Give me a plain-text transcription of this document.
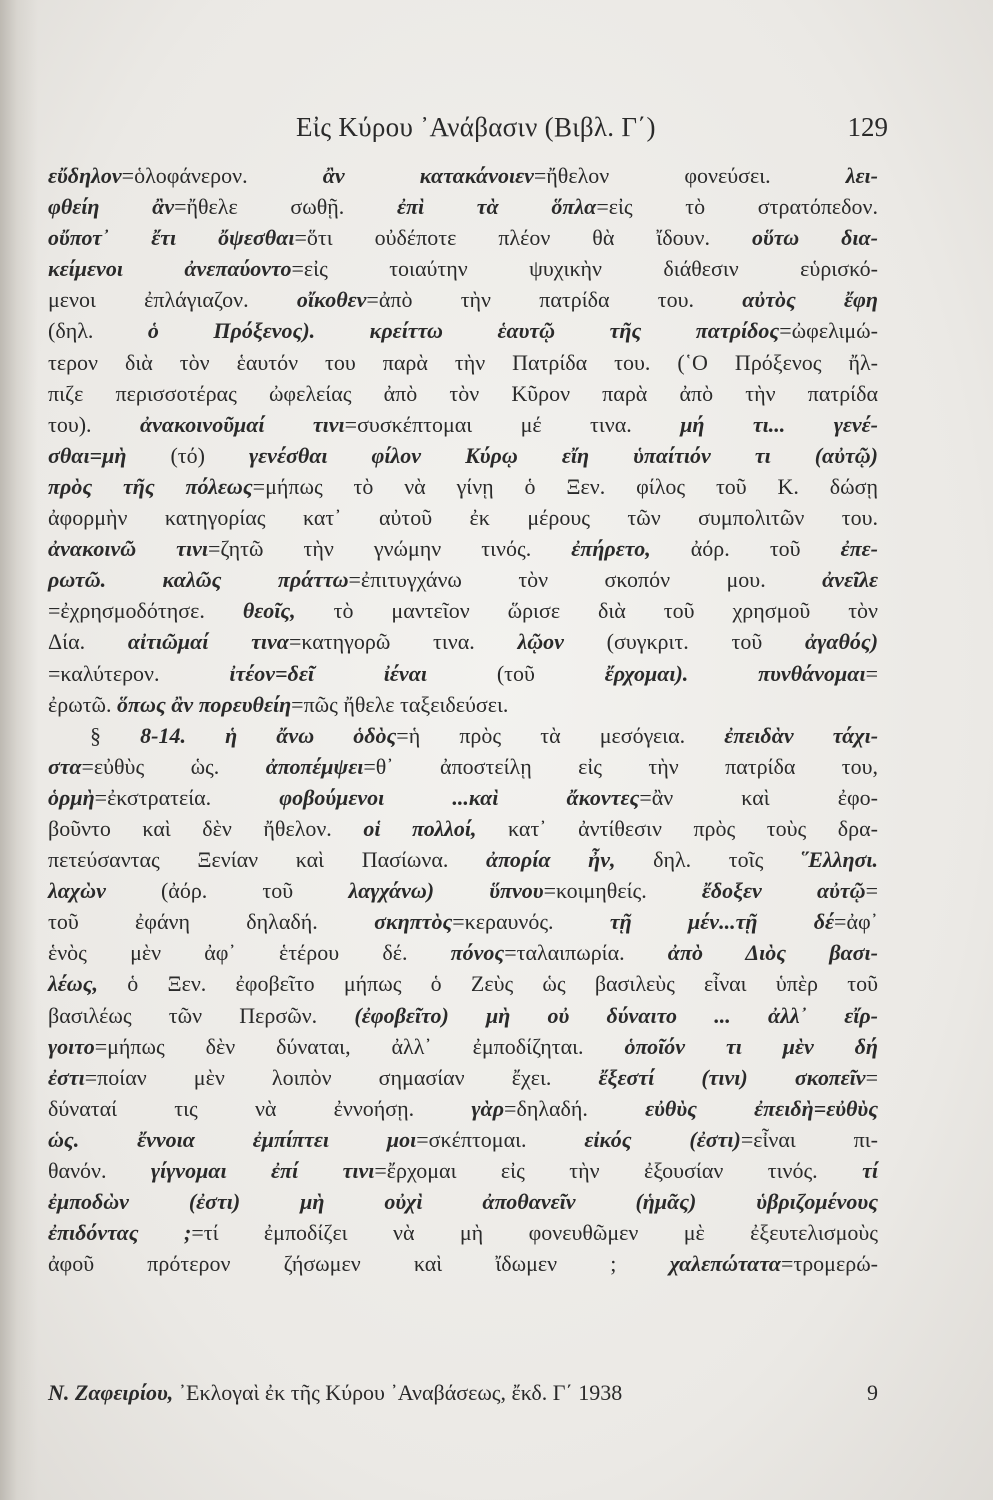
Εἰς Κύρου ᾿Ανάβασιν (Βιβλ. Γ΄)	129
εὔδηλον=ὁλοφάνερον. ἂν κατακάνοιεν=ἤθελον φονεύσει. λει-
φθείη ἂν=ἤθελε σωθῇ. ἐπὶ τὰ ὅπλα=εἰς τὸ στρατόπεδον.
οὔποτ᾿ ἔτι ὄψεσθαι=ὅτι οὐδέποτε πλέον θὰ ἴδουν. οὕτω δια-
κείμενοι ἀνεπαύοντο=εἰς τοιαύτην ψυχικὴν διάθεσιν εὑρισκό-
μενοι ἐπλάγιαζον. οἴκοθεν=ἀπὸ τὴν πατρίδα του. αὐτὸς ἔφη
(δηλ. ὁ Πρόξενος). κρείττω ἑαυτῷ τῆς πατρίδος=ὠφελιμώ-
τερον διὰ τὸν ἑαυτόν του παρὰ τὴν Πατρίδα του. (῾Ο Πρόξενος ἤλ-
πιζε περισσοτέρας ὠφελείας ἀπὸ τὸν Κῦρον παρὰ ἀπὸ τὴν πατρίδα
του). ἀνακοινοῦμαί τινι=συσκέπτομαι μέ τινα. μή τι... γενέ-
σθαι=μὴ (τό) γενέσθαι φίλον Κύρῳ εἴη ὑπαίτιόν τι (αὐτῷ)
πρὸς τῆς πόλεως=μήπως τὸ νὰ γίνῃ ὁ Ξεν. φίλος τοῦ Κ. δώσῃ
ἀφορμὴν κατηγορίας κατ᾿ αὐτοῦ ἐκ μέρους τῶν συμπολιτῶν του.
ἀνακοινῶ τινι=ζητῶ τὴν γνώμην τινός. ἐπήρετο, ἀόρ. τοῦ ἐπε-
ρωτῶ. καλῶς πράττω=ἐπιτυγχάνω τὸν σκοπόν μου. ἀνεῖλε
=ἐχρησμοδότησε. θεοῖς, τὸ μαντεῖον ὥρισε διὰ τοῦ χρησμοῦ τὸν
Δία. αἰτιῶμαί τινα=κατηγορῶ τινα. λῷον (συγκριτ. τοῦ ἀγαθός)
=καλύτερον. ἰτέον=δεῖ ἰέναι (τοῦ ἔρχομαι). πυνθάνομαι=
ἐρωτῶ. ὅπως ἂν πορευθείη=πῶς ἤθελε ταξειδεύσει.
§ 8-14. ἡ ἄνω ὁδὸς=ἡ πρὸς τὰ μεσόγεια. ἐπειδὰν τάχι-
στα=εὐθὺς ὡς. ἀποπέμψει=θ᾿ ἀποστείλῃ εἰς τὴν πατρίδα του,
ὁρμὴ=ἐκστρατεία. φοβούμενοι ...καὶ ἄκοντες=ἂν καὶ ἐφο-
βοῦντο καὶ δὲν ἤθελον. οἱ πολλοί, κατ᾿ ἀντίθεσιν πρὸς τοὺς δρα-
πετεύσαντας Ξενίαν καὶ Πασίωνα. ἀπορία ἦν, δηλ. τοῖς ῞Ελλησι.
λαχὼν (ἀόρ. τοῦ λαγχάνω) ὕπνου=κοιμηθείς. ἔδοξεν αὐτῷ=
τοῦ ἐφάνη δηλαδή. σκηπτὸς=κεραυνός. τῇ μέν...τῇ δέ=ἀφ᾿
ἑνὸς μὲν ἀφ᾿ ἑτέρου δέ. πόνος=ταλαιπωρία. ἀπὸ Διὸς βασι-
λέως, ὁ Ξεν. ἐφοβεῖτο μήπως ὁ Ζεὺς ὡς βασιλεὺς εἶναι ὑπὲρ τοῦ
βασιλέως τῶν Περσῶν. (ἐφοβεῖτο) μὴ οὐ δύναιτο ... ἀλλ᾿ εἴρ-
γοιτο=μήπως δὲν δύναται, ἀλλ᾿ ἐμποδίζηται. ὁποῖόν τι μὲν δή
ἐστι=ποίαν μὲν λοιπὸν σημασίαν ἔχει. ἔξεστί (τινι) σκοπεῖν=
δύναταί τις νὰ ἐννοήσῃ. γὰρ=δηλαδή. εὐθὺς ἐπειδὴ=εὐθὺς
ὡς. ἔννοια ἐμπίπτει μοι=σκέπτομαι. εἰκός (ἐστι)=εἶναι πι-
θανόν. γίγνομαι ἐπί τινι=ἔρχομαι εἰς τὴν ἐξουσίαν τινός. τί
ἐμποδὼν (ἐστι) μὴ οὐχὶ ἀποθανεῖν (ἡμᾶς) ὑβριζομένους
ἐπιδόντας ;=τί ἐμποδίζει νὰ μὴ φονευθῶμεν μὲ ἐξευτελισμοὺς
ἀφοῦ πρότερον ζήσωμεν καὶ ἴδωμεν ; χαλεπώτατα=τρομερώ-
Ν. Ζαφειρίου, ᾿Εκλογαὶ ἐκ τῆς Κύρου ᾿Αναβάσεως, ἔκδ. Γ΄ 1938	9
